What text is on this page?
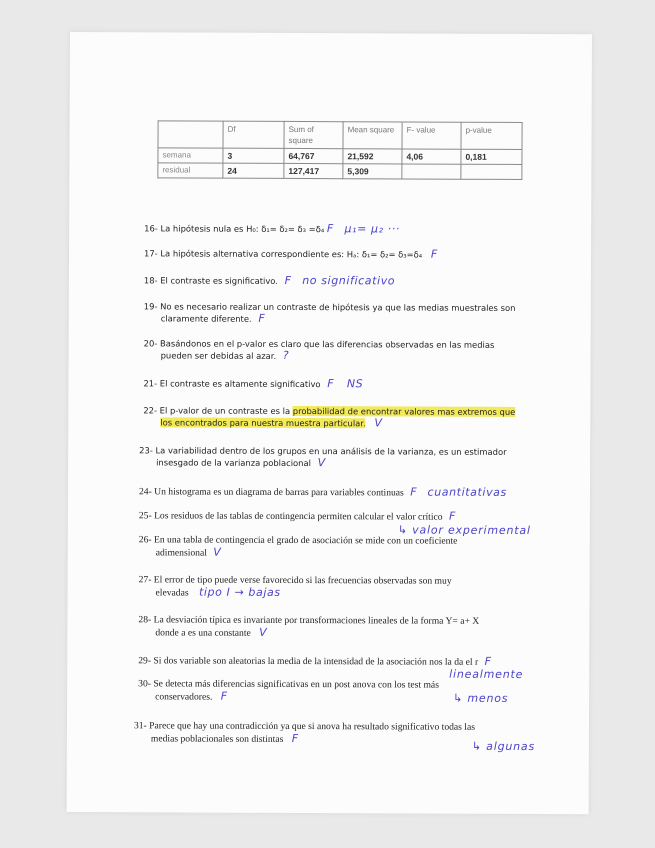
	Df	Sum of square	Mean square	F- value	p-value
semana	3	64,767	21,592	4,06	0,181
residual	24	127,417	5,309		
16- La hipótesis nula es H₀: δ₁= δ₂= δ₃ =δ₄ F μ₁= μ₂ ···
17- La hipótesis alternativa correspondiente es: Hₐ: δ₁= δ₂= δ₃=δ₄ F
18- El contraste es significativo. F no significativo
19- No es necesario realizar un contraste de hipótesis ya que las medias muestrales son
claramente diferente. F
20- Basándonos en el p-valor es claro que las diferencias observadas en las medias
pueden ser debidas al azar. ?
21- El contraste es altamente significativo F NS
22- El p-valor de un contraste es la probabilidad de encontrar valores mas extremos que
los encontrados para nuestra muestra particular. V
23- La variabilidad dentro de los grupos en una análisis de la varianza, es un estimador
insesgado de la varianza poblacional V
24- Un histograma es un diagrama de barras para variables continuas F cuantitativas
25- Los residuos de las tablas de contingencia permiten calcular el valor crítico F
↳ valor experimental
26- En una tabla de contingencia el grado de asociación se mide con un coeficiente
adimensional V
27- El error de tipo puede verse favorecido si las frecuencias observadas son muy
elevadas tipo I → bajas
28- La desviación típica es invariante por transformaciones lineales de la forma Y= a+ X
donde a es una constante V
29- Si dos variable son aleatorias la media de la intensidad de la asociación nos la da el r F
linealmente
30- Se detecta más diferencias significativas en un post anova con los test más
conservadores. F	↳ menos
31- Parece que hay una contradicción ya que si anova ha resultado significativo todas las
medias poblacionales son distintas F
↳ algunas
